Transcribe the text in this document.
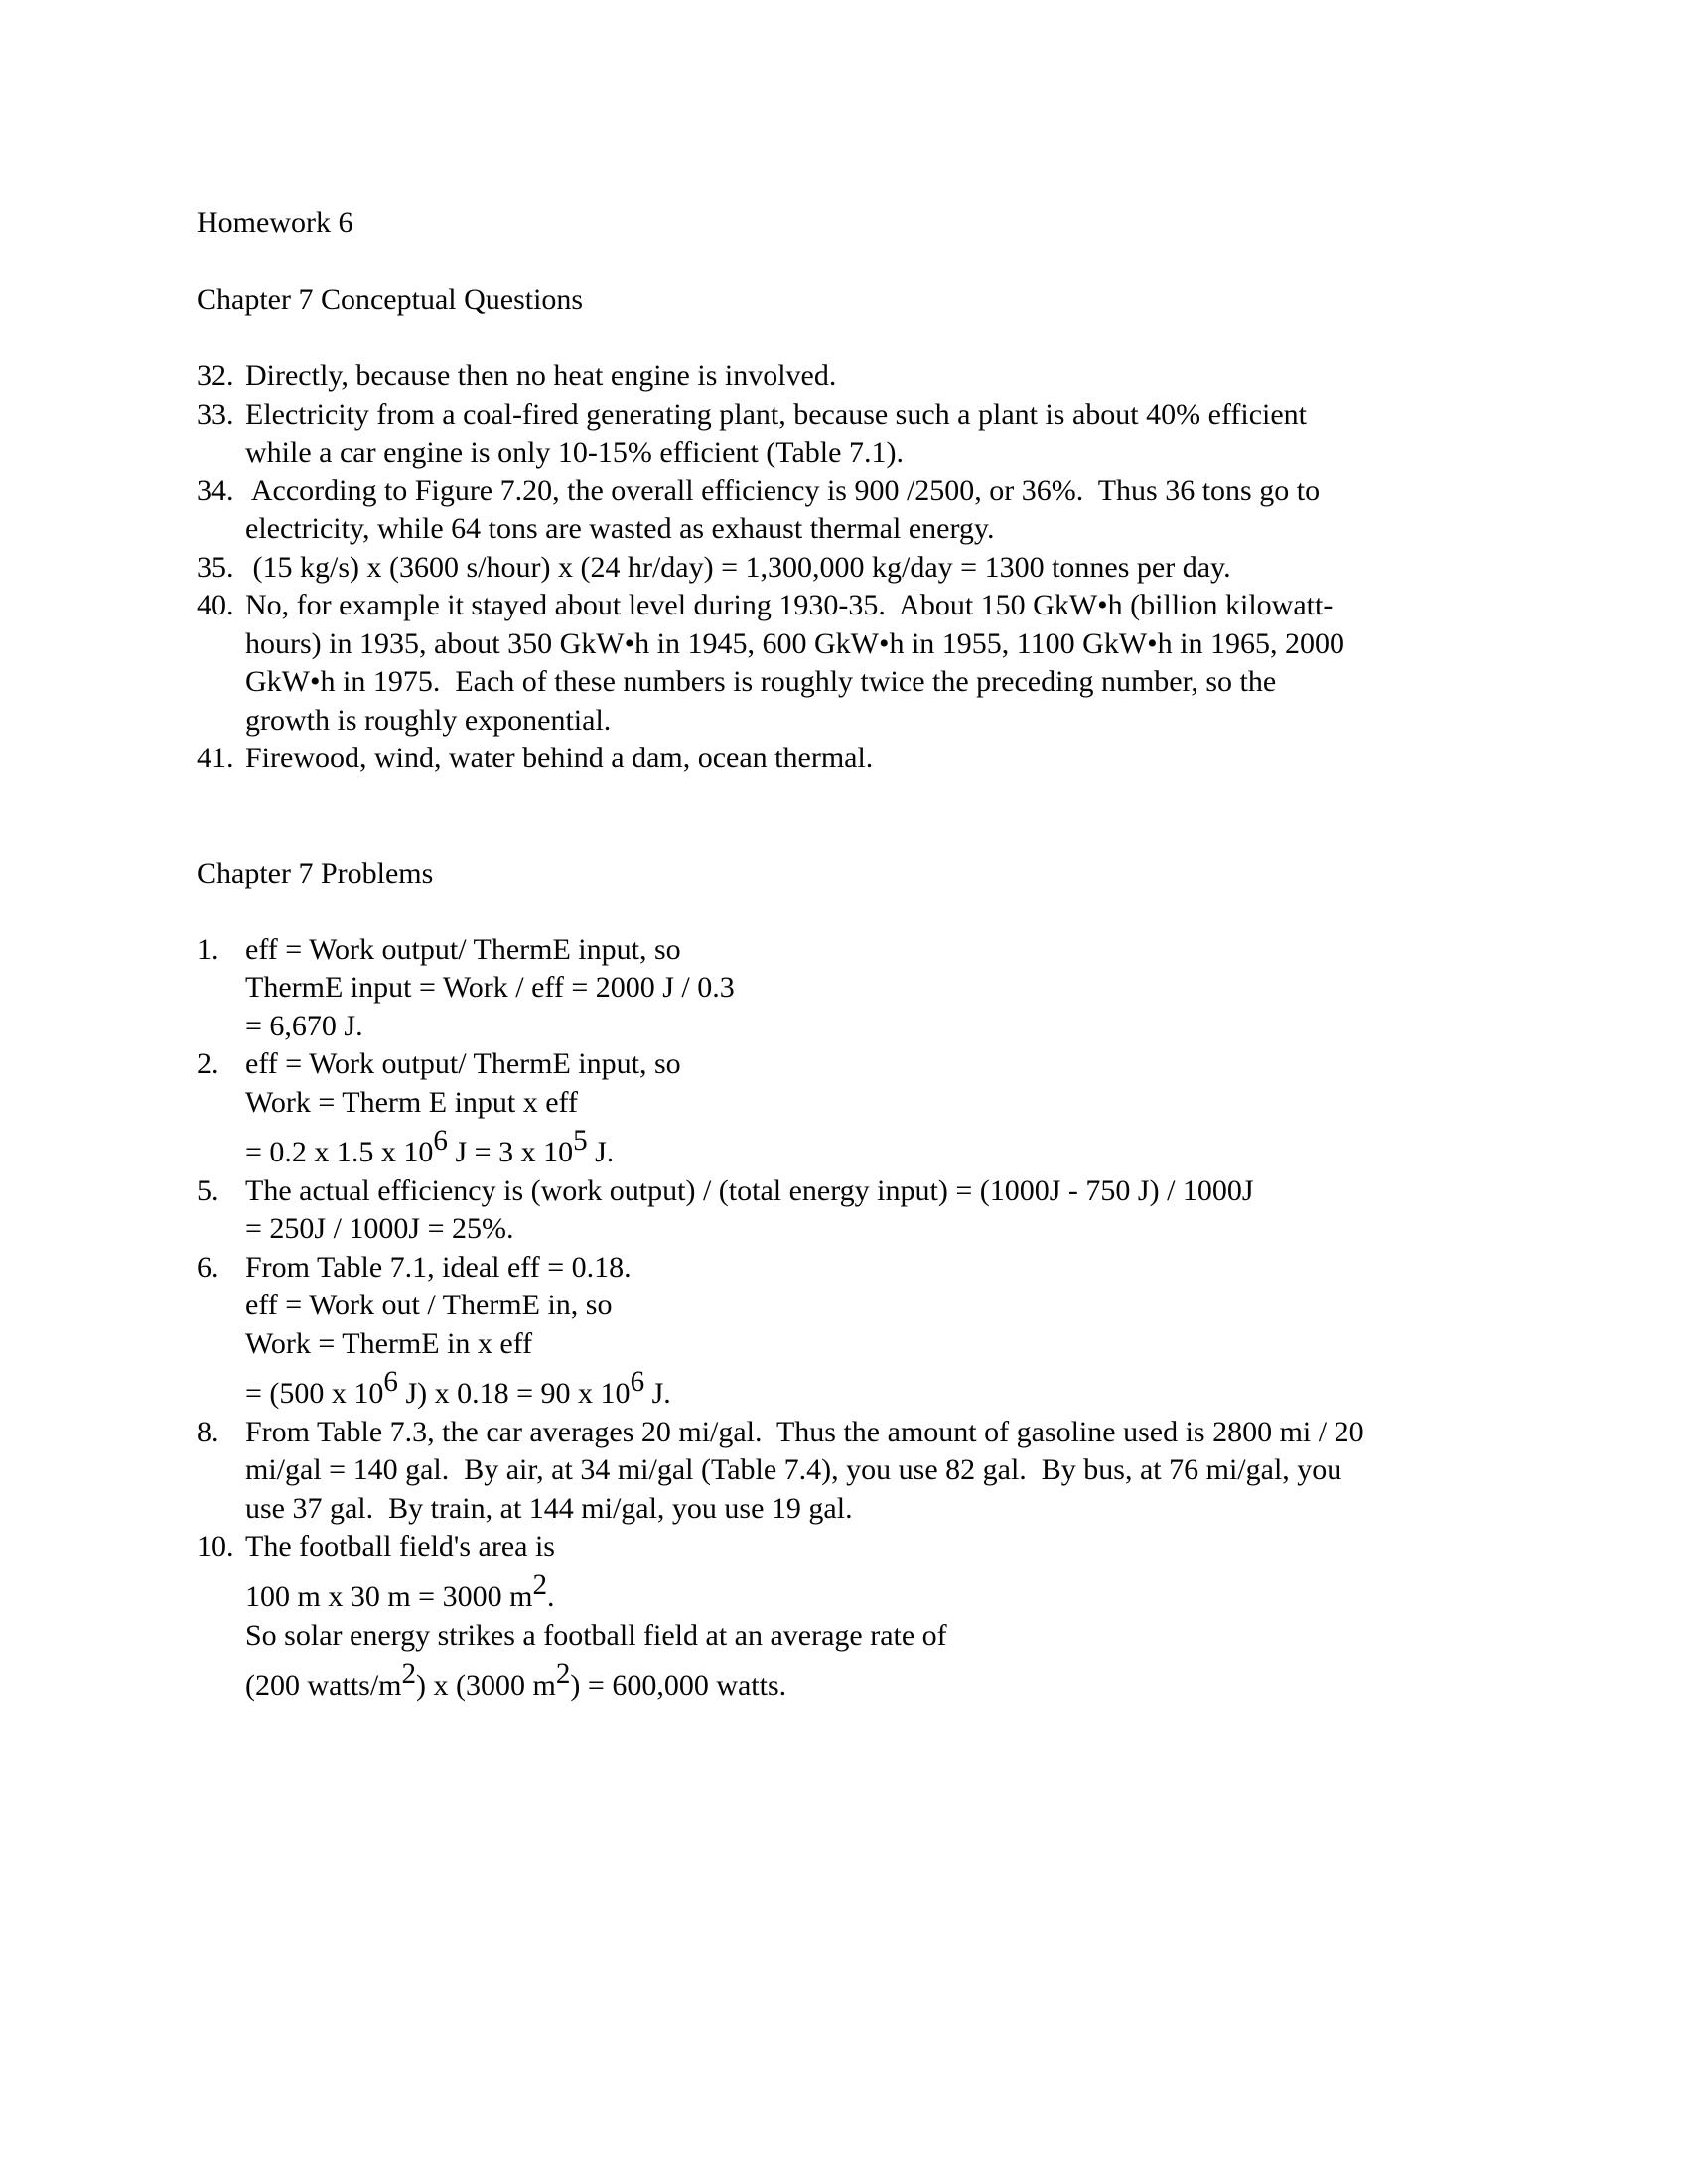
Homework 6
Chapter 7 Conceptual Questions
32. Directly, because then no heat engine is involved.
33. Electricity from a coal-fired generating plant, because such a plant is about 40% efficient
while a car engine is only 10-15% efficient (Table 7.1).
34. According to Figure 7.20, the overall efficiency is 900 /2500, or 36%.  Thus 36 tons go to
electricity, while 64 tons are wasted as exhaust thermal energy.
35. (15 kg/s) x (3600 s/hour) x (24 hr/day) = 1,300,000 kg/day = 1300 tonnes per day.
40. No, for example it stayed about level during 1930-35.  About 150 GkW•h (billion kilowatt-
hours) in 1935, about 350 GkW•h in 1945, 600 GkW•h in 1955, 1100 GkW•h in 1965, 2000
GkW•h in 1975.  Each of these numbers is roughly twice the preceding number, so the
growth is roughly exponential.
41. Firewood, wind, water behind a dam, ocean thermal.
Chapter 7 Problems
1. eff = Work output/ ThermE input, so
ThermE input = Work / eff = 2000 J / 0.3
= 6,670 J.
2. eff = Work output/ ThermE input, so
Work = Therm E input x eff
= 0.2 x 1.5 x $10^6$ J = 3 x $10^5$ J.
5. The actual efficiency is (work output) / (total energy input) = (1000J - 750 J) / 1000J
= 250J / 1000J = 25%.
6. From Table 7.1, ideal eff = 0.18.
eff = Work out / ThermE in, so
Work = ThermE in x eff
= (500 x $10^6$ J) x 0.18 = 90 x $10^6$ J.
8. From Table 7.3, the car averages 20 mi/gal.  Thus the amount of gasoline used is 2800 mi / 20
mi/gal = 140 gal.  By air, at 34 mi/gal (Table 7.4), you use 82 gal.  By bus, at 76 mi/gal, you
use 37 gal.  By train, at 144 mi/gal, you use 19 gal.
10. The football field's area is
100 m x 30 m = 3000 $m^2$.
So solar energy strikes a football field at an average rate of
(200 watts/$m^2$) x (3000 $m^2) = 600,000$ watts.
